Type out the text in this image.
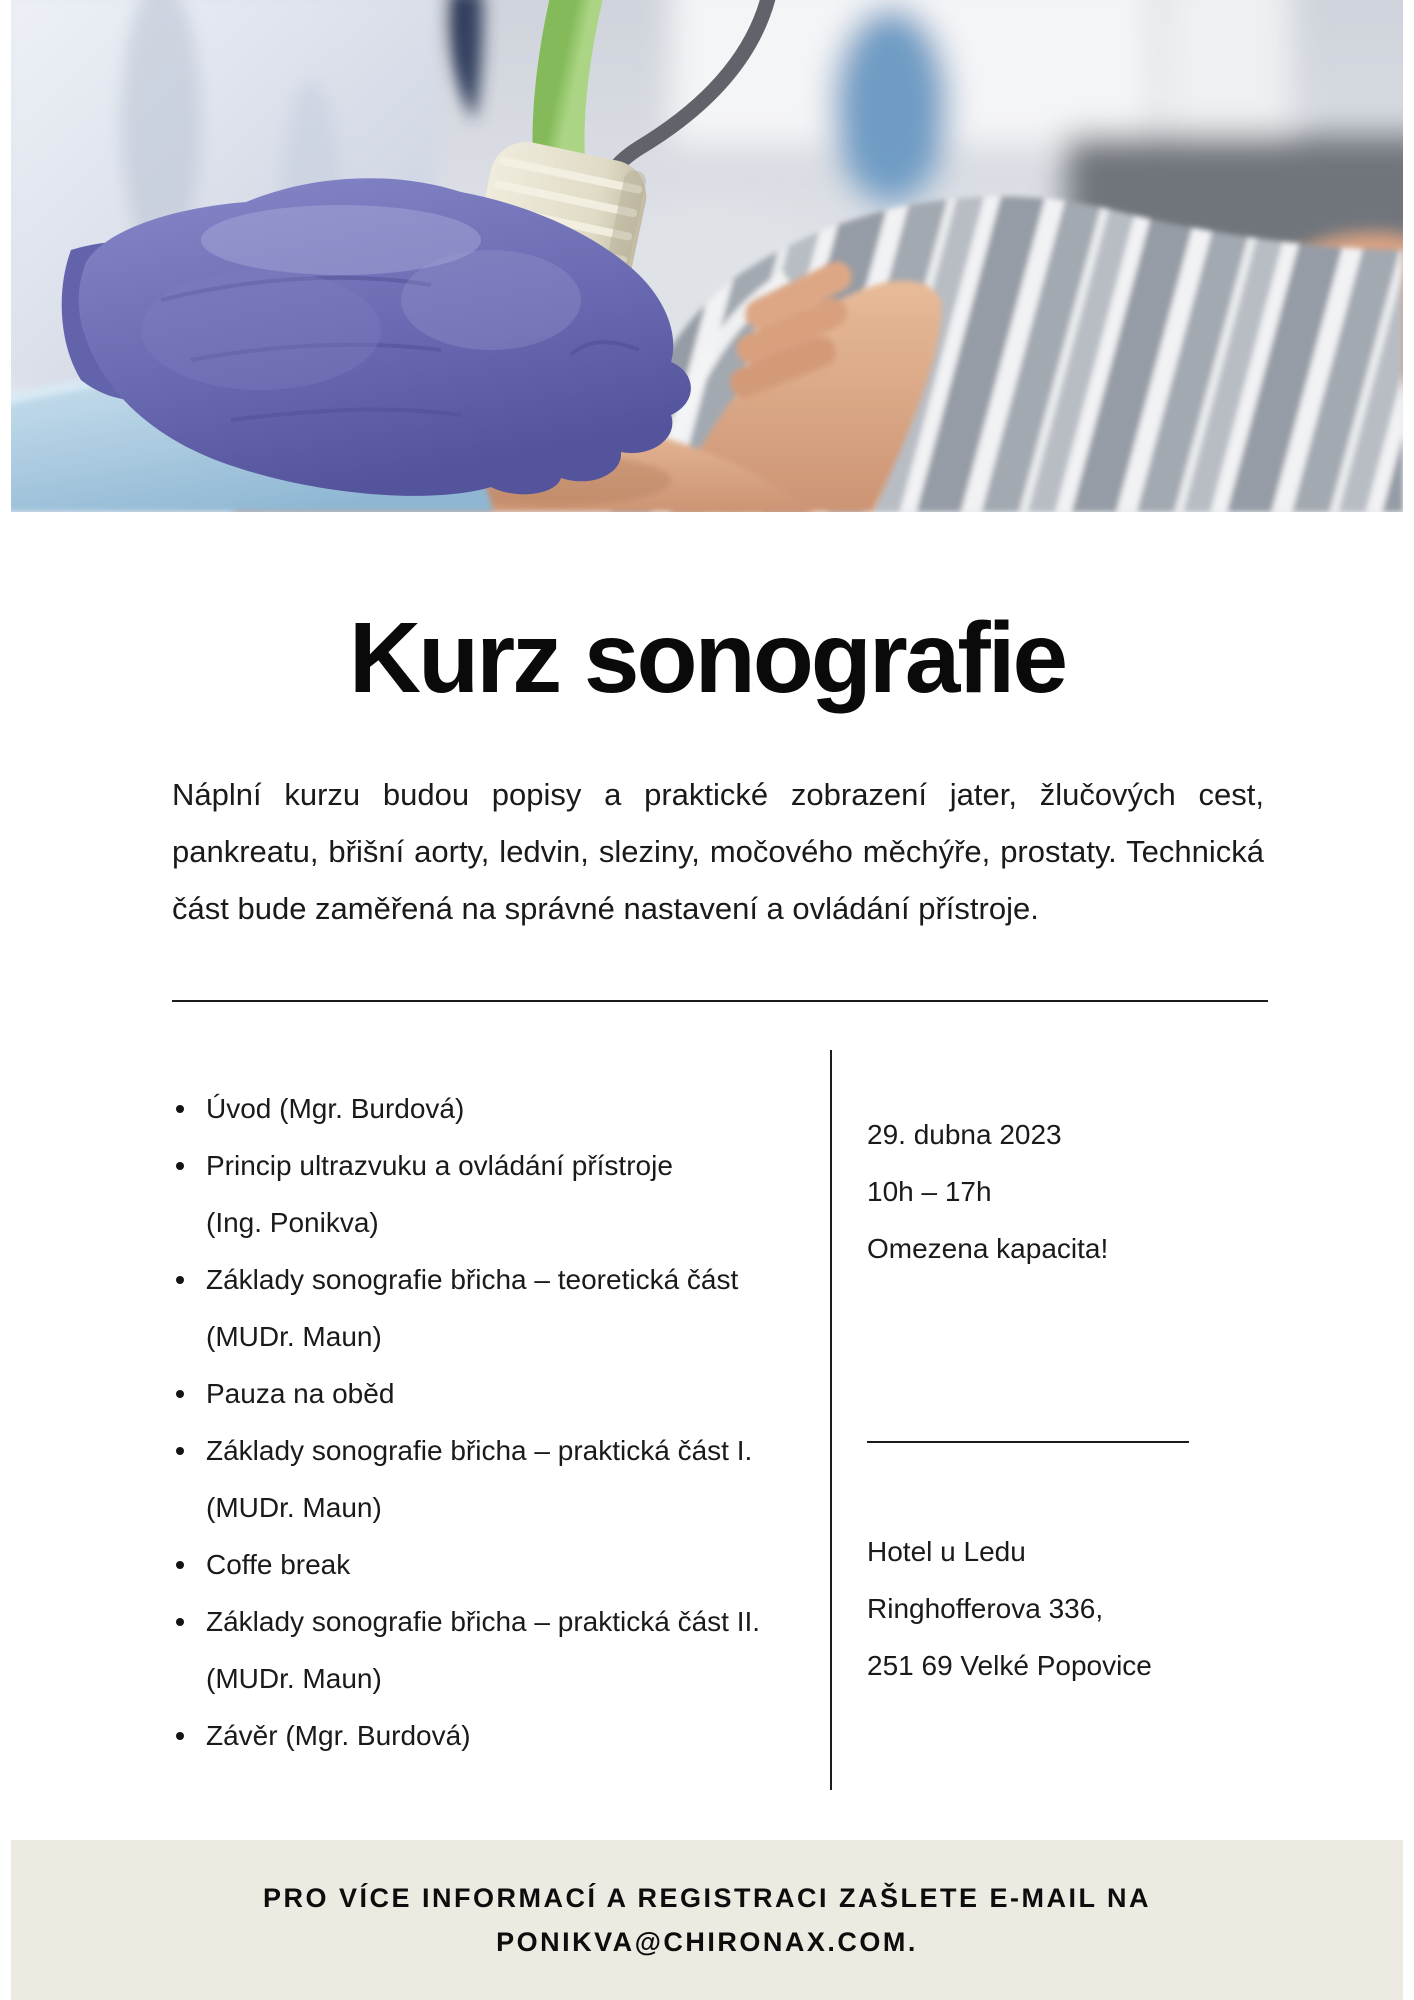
Kurz sonografie
Náplní kurzu budou popisy a praktické zobrazení jater, žlučových cest, pankreatu, břišní aorty, ledvin, sleziny, močového měchýře, prostaty. Technická část bude zaměřená na správné nastavení a ovládání přístroje.
Úvod (Mgr. Burdová)
Princip ultrazvuku a ovládání přístroje
(Ing. Ponikva)
Základy sonografie břicha – teoretická část
(MUDr. Maun)
Pauza na oběd
Základy sonografie břicha – praktická část I.
(MUDr. Maun)
Coffe break
Základy sonografie břicha – praktická část II.
(MUDr. Maun)
Závěr (Mgr. Burdová)
29. dubna 2023
10h – 17h
Omezena kapacita!
Hotel u Ledu
Ringhofferova 336,
251 69 Velké Popovice
PRO VÍCE INFORMACÍ A REGISTRACI ZAŠLETE E-MAIL NA
PONIKVA@CHIRONAX.COM.
